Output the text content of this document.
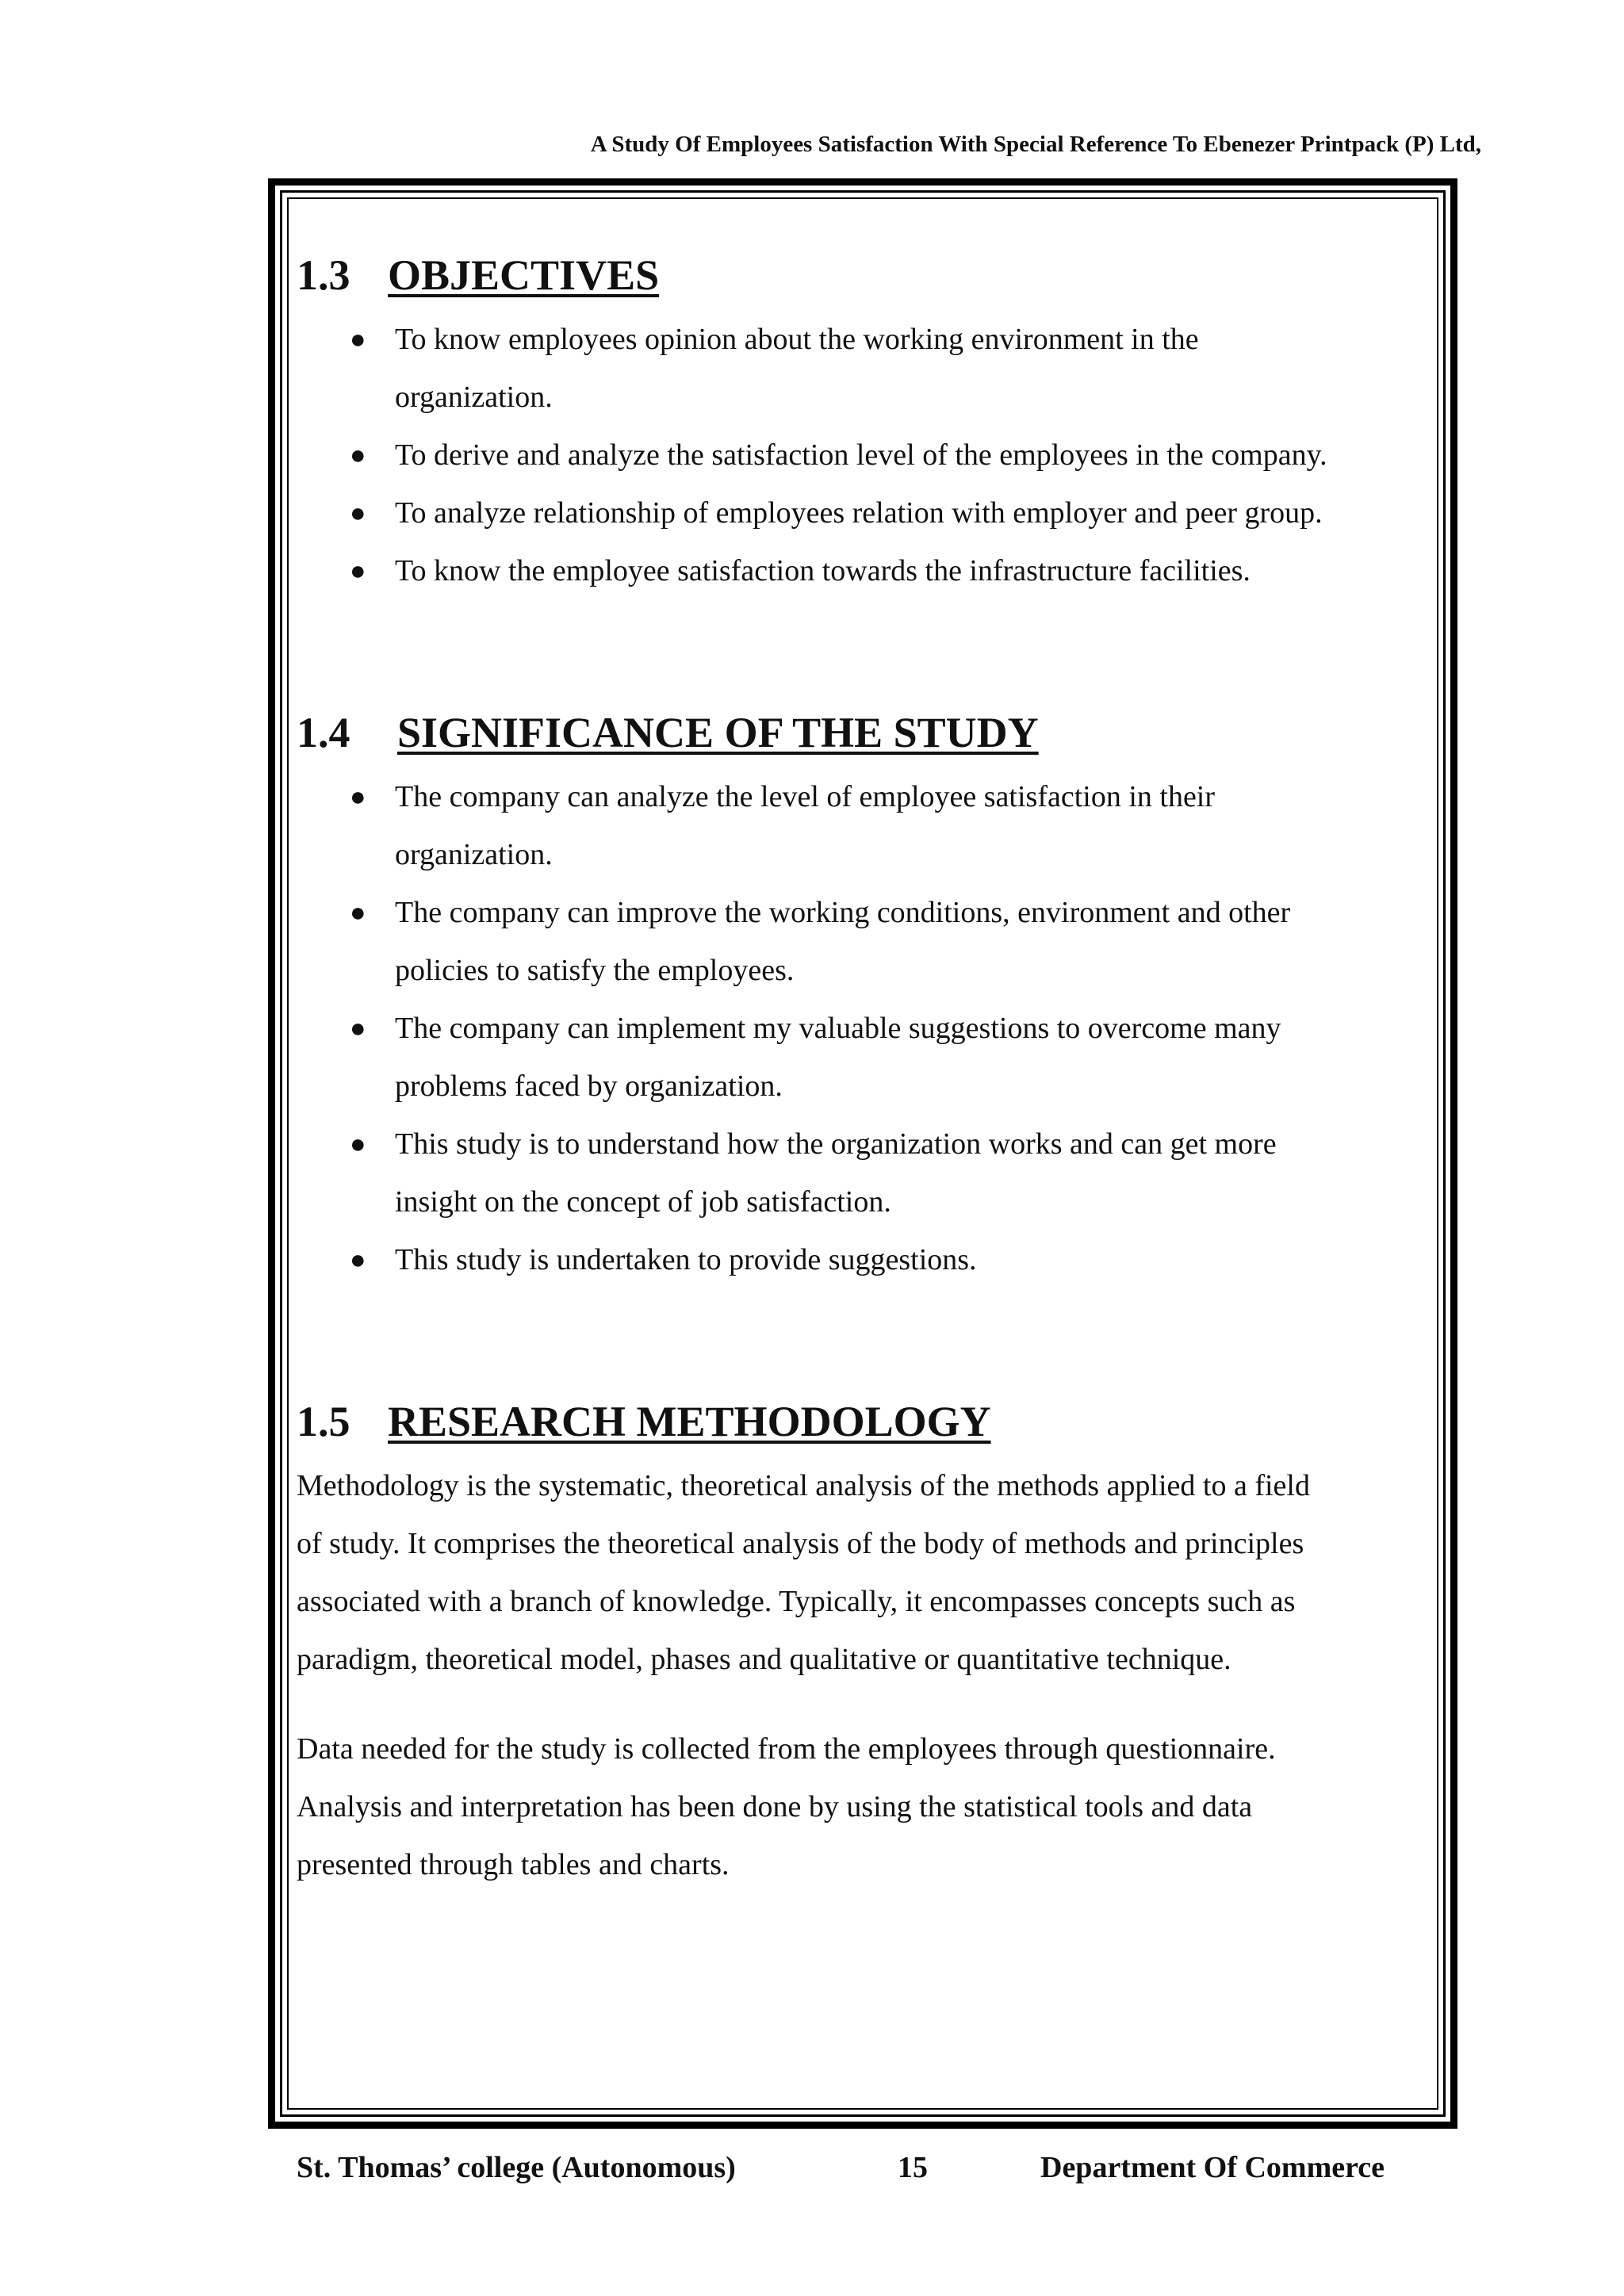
A Study Of Employees Satisfaction With Special Reference To Ebenezer Printpack (P) Ltd,
1.3 OBJECTIVES
● To know employees opinion about the working environment in the
organization.
● To derive and analyze the satisfaction level of the employees in the company.
● To analyze relationship of employees relation with employer and peer group.
● To know the employee satisfaction towards the infrastructure facilities.
1.4 SIGNIFICANCE OF THE STUDY
● The company can analyze the level of employee satisfaction in their
organization.
● The company can improve the working conditions, environment and other
policies to satisfy the employees.
● The company can implement my valuable suggestions to overcome many
problems faced by organization.
● This study is to understand how the organization works and can get more
insight on the concept of job satisfaction.
● This study is undertaken to provide suggestions.
1.5 RESEARCH METHODOLOGY

Methodology is the systematic, theoretical analysis of the methods applied to a field
of study. It comprises the theoretical analysis of the body of methods and principles
associated with a branch of knowledge. Typically, it encompasses concepts such as
paradigm, theoretical model, phases and qualitative or quantitative technique.

Data needed for the study is collected from the employees through questionnaire.
Analysis and interpretation has been done by using the statistical tools and data
presented through tables and charts.

St. Thomas’ college (Autonomous)	15	Department Of Commerce
